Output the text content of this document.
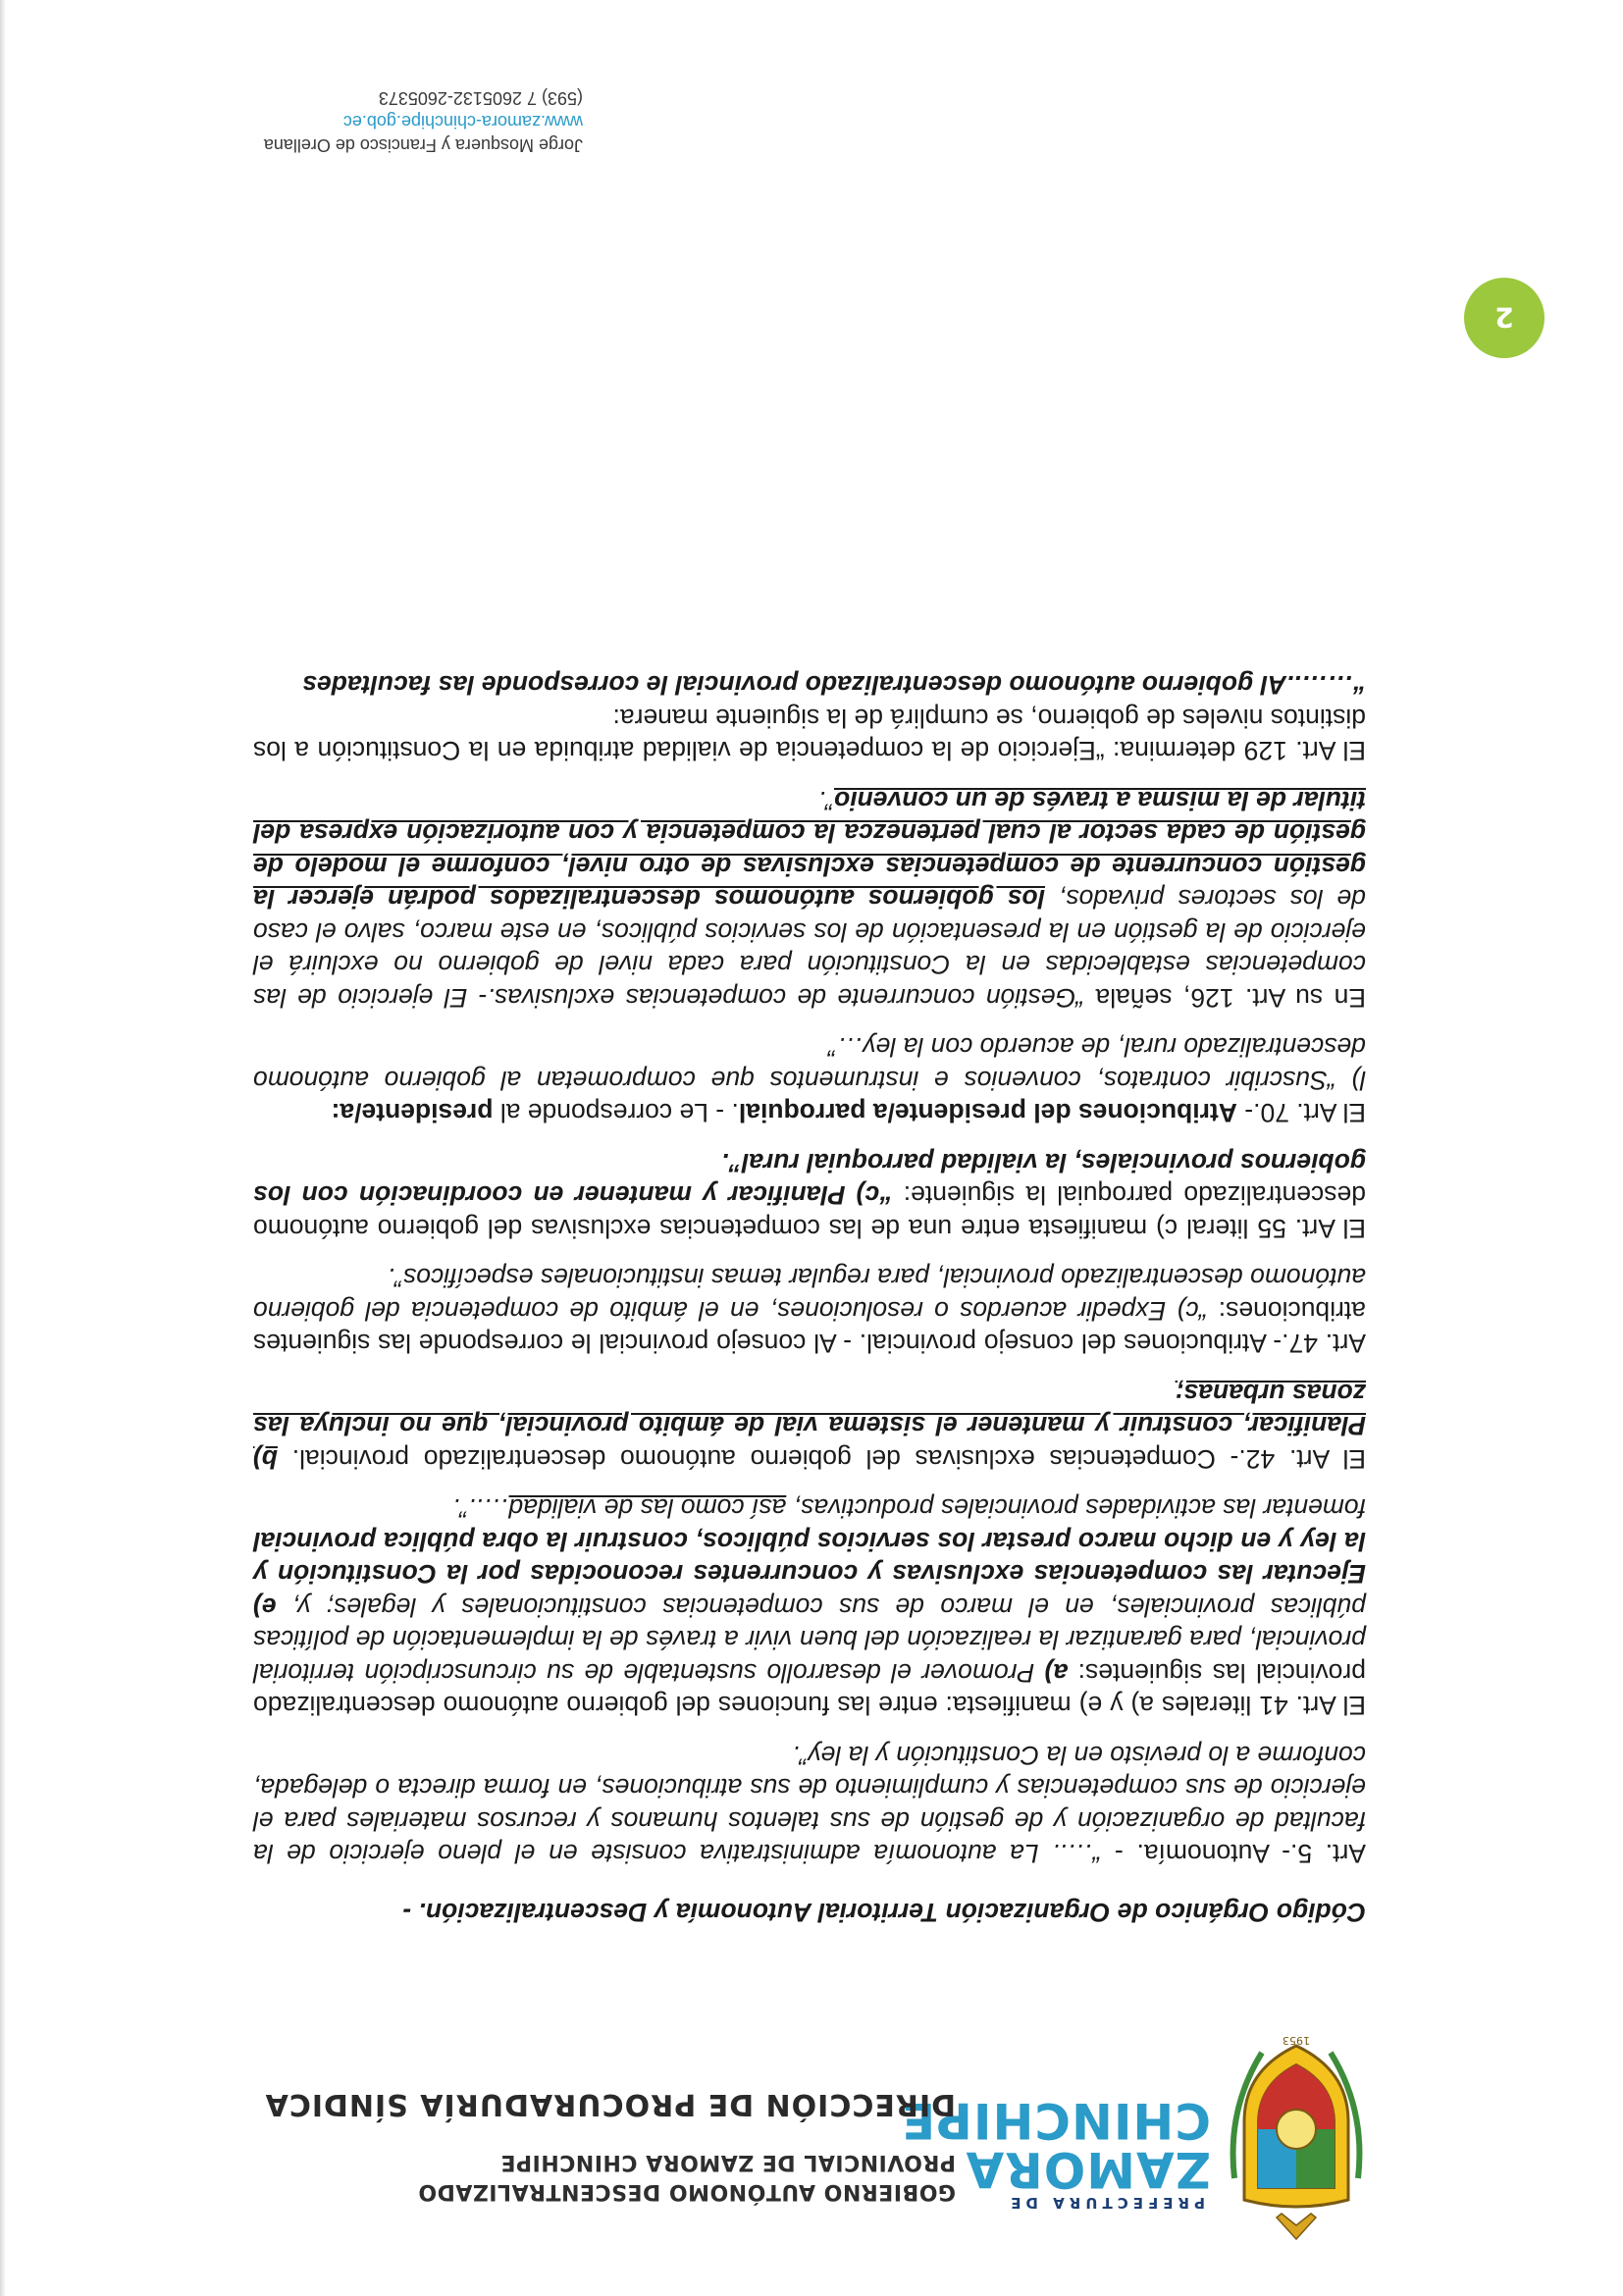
1953
PREFECTURA DE
ZAMORA
CHINCHIPE
GOBIERNO AUTÓNOMO DESCENTRALIZADO
PROVINCIAL DE ZAMORA CHINCHIPE
DIRECCIÓN DE PROCURADURÍA SÍNDICA

Código Orgánico de Organización Territorial Autonomía y Descentralización. -

Art. 5.- Autonomía. - “….. La autonomía administrativa consiste en el pleno ejercicio de la facultad de organización y de gestión de sus talentos humanos y recursos materiales para el ejercicio de sus competencias y cumplimiento de sus atribuciones, en forma directa o delegada, conforme a lo previsto en la Constitución y la ley”.

El Art. 41 literales a) y e) manifiesta: entre las funciones del gobierno autónomo descentralizado provincial las siguientes: a) Promover el desarrollo sustentable de su circunscripción territorial provincial, para garantizar la realización del buen vivir a través de la implementación de políticas públicas provinciales, en el marco de sus competencias constitucionales y legales; y, e) Ejecutar las competencias exclusivas y concurrentes reconocidas por la Constitución y la ley y en dicho marco prestar los servicios públicos, construir la obra pública provincial fomentar las actividades provinciales productivas, así como las de vialidad…..”.

El Art. 42.- Competencias exclusivas del gobierno autónomo descentralizado provincial. b) Planificar, construir y mantener el sistema vial de ámbito provincial, que no incluya las zonas urbanas;

Art. 47.- Atribuciones del consejo provincial. - Al consejo provincial le corresponde las siguientes atribuciones: “c) Expedir acuerdos o resoluciones, en el ámbito de competencia del gobierno autónomo descentralizado provincial, para regular temas institucionales específicos”.

El Art. 55 literal c) manifiesta entre una de las competencias exclusivas del gobierno autónomo descentralizado parroquial la siguiente: “c) Planificar y mantener en coordinación con los gobiernos provinciales, la vialidad parroquial rural”.

El Art. 70.- Atribuciones del presidente/a parroquial. - Le corresponde al presidente/a:
l) “Suscribir contratos, convenios e instrumentos que comprometan al gobierno autónomo descentralizado rural, de acuerdo con la ley…”

En su Art. 126, señala “Gestión concurrente de competencias exclusivas.- El ejercicio de las competencias establecidas en la Constitución para cada nivel de gobierno no excluirá el ejercicio de la gestión en la presentación de los servicios públicos, en este marco, salvo el caso de los sectores privados, los gobiernos autónomos descentralizados podrán ejercer la gestión concurrente de competencias exclusivas de otro nivel, conforme el modelo de gestión de cada sector al cual pertenezca la competencia y con autorización expresa del titular de la misma a través de un convenio”.

El Art. 129 determina: “Ejercicio de la competencia de vialidad atribuida en la Constitución a los distintos niveles de gobierno, se cumplirá de la siguiente manera:
“……..Al gobierno autónomo descentralizado provincial le corresponde las facultades

2
Jorge Mosquera y Francisco de Orellana
www.zamora-chinchipe.gob.ec
(593) 7 2605132-2605373
